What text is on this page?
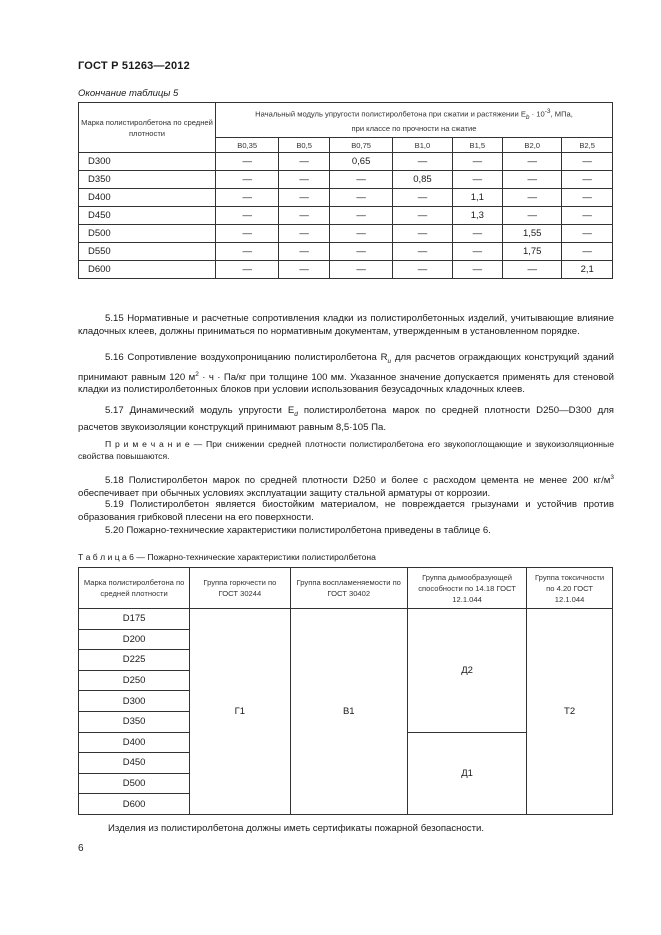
ГОСТ Р 51263—2012
Окончание таблицы 5
Марка полистиролбетона по средней плотности	Начальный модуль упругости полистиролбетона при сжатии и растяжении $E_b \cdot 10^{-3}$, МПа,
при классе по прочности на сжатие						
	B0,35	B0,5	B0,75	B1,0	B1,5	B2,0	B2,5
D300	—	—	0,65	—	—	—	—
D350	—	—	—	0,85	—	—	—
D400	—	—	—	—	1,1	—	—
D450	—	—	—	—	1,3	—	—
D500	—	—	—	—	—	1,55	—
D550	—	—	—	—	—	1,75	—
D600	—	—	—	—	—	—	2,1
5.15 Нормативные и расчетные сопротивления кладки из полистиролбетонных изделий, учитывающие влияние кладочных клеев, должны приниматься по нормативным документам, утвержденным в установленном порядке.
5.16 Сопротивление воздухопроницанию полистиролбетона $R_u$ для расчетов ограждающих конструкций зданий принимают равным 120 $м^2 \cdot ч \cdot Па/кг$ при толщине 100 мм. Указанное значение допускается применять для стеновой кладки из полистиролбетонных блоков при условии использования безусадочных кладочных клеев.
5.17 Динамический модуль упругости $E_d$ полистиролбетона марок по средней плотности D250—D300 для расчетов звукоизоляции конструкций принимают равным 8,5·105 Па.
П р и м е ч а н и е — При снижении средней плотности полистиролбетона его звукопоглощающие и звукоизоляционные свойства повышаются.
5.18 Полистиролбетон марок по средней плотности D250 и более с расходом цемента не менее 200 $кг/м^3$ обеспечивает при обычных условиях эксплуатации защиту стальной арматуры от коррозии.
5.19 Полистиролбетон является биостойким материалом, не повреждается грызунами и устойчив против образования грибковой плесени на его поверхности.
5.20 Пожарно-технические характеристики полистиролбетона приведены в таблице 6.
Т а б л и ц а 6 — Пожарно-технические характеристики полистиролбетона
Марка полистиролбетона по средней плотности	Группа горючести по ГОСТ 30244	Группа воспламеняемости по ГОСТ 30402	Группа дымообразующей способности по 14.18 ГОСТ 12.1.044	Группа токсичности по 4.20 ГОСТ 12.1.044
D175	Г1	В1	Д2	Т2
D200				
D225				
D250				
D300				
D350				
D400			Д1	
D450				
D500				
D600				
Изделия из полистиролбетона должны иметь сертификаты пожарной безопасности.
6
